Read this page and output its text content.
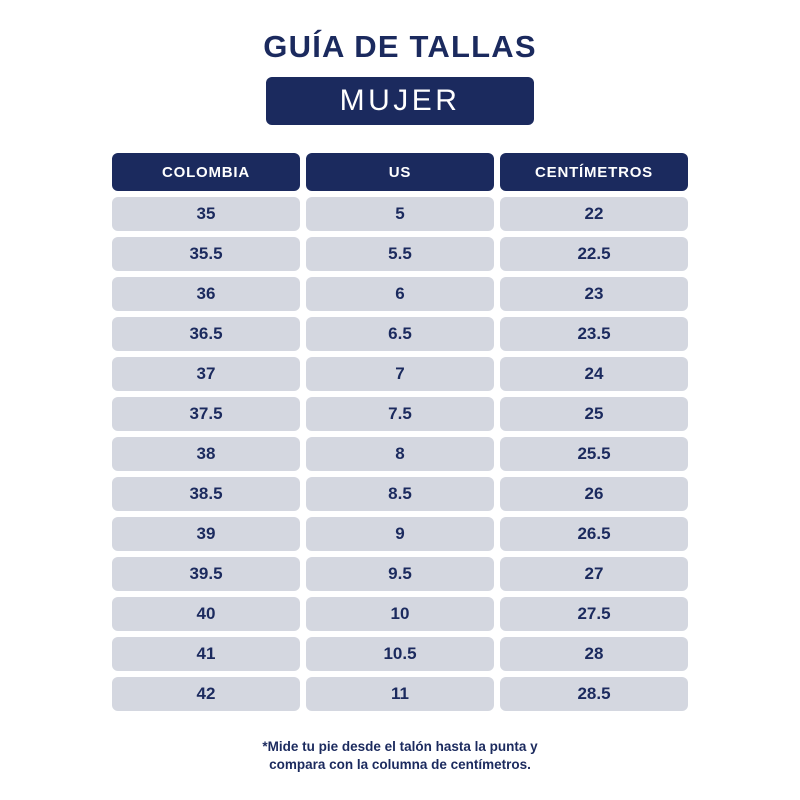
GUÍA DE TALLAS
MUJER
COLOMBIA	US	CENTÍMETROS
35	5	22
35.5	5.5	22.5
36	6	23
36.5	6.5	23.5
37	7	24
37.5	7.5	25
38	8	25.5
38.5	8.5	26
39	9	26.5
39.5	9.5	27
40	10	27.5
41	10.5	28
42	11	28.5
*Mide tu pie desde el talón hasta la punta y
compara con la columna de centímetros.
